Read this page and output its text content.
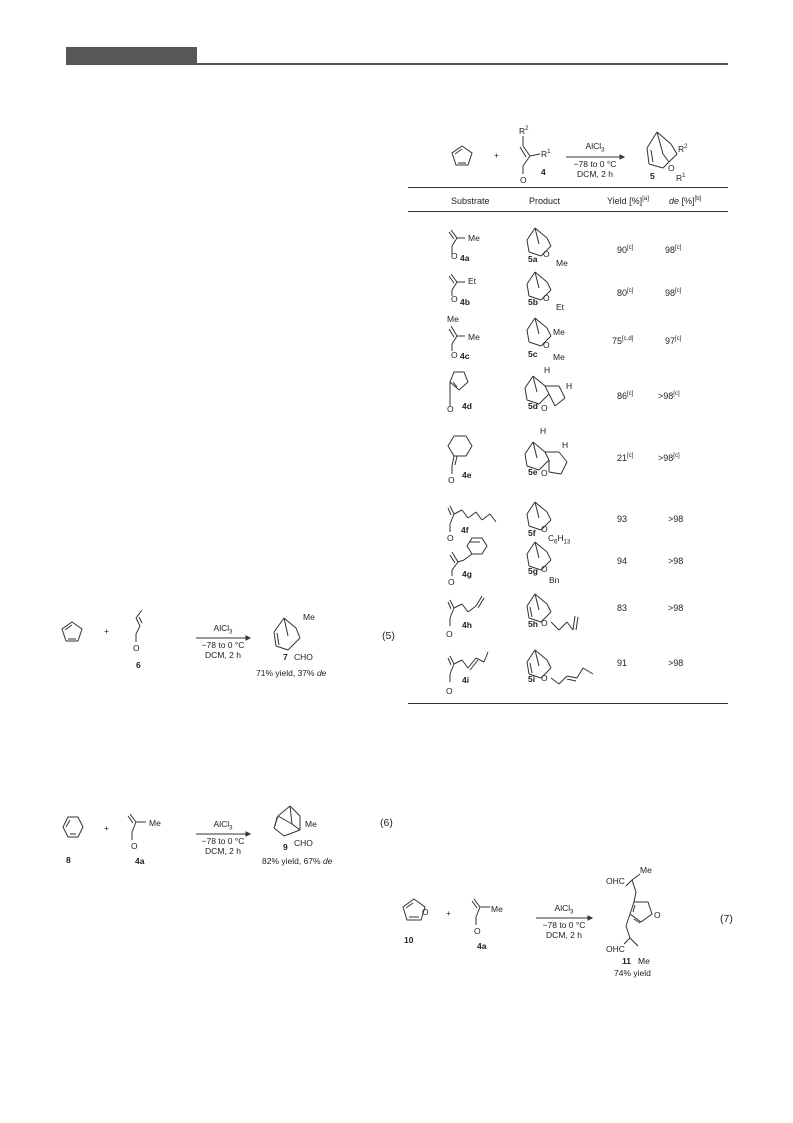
+
$R^2$
$R^1$
O
4
AlCl$_3$
−78 to 0 °C
DCM, 2 h
$R^2$
O
$R^1$
5
Substrate	Product	Yield [%][a] de [%][b]
Me
O 4a	O
Me
5a
90[c]	98[c]
Et
O 4b	O
Et
5b
80[c]	98[c]
Me
Me
O 4c
Me
O
Me
5c
75[c,d]	97[c]
O 4d
H
H
O
5d
86[c]	>98[c]
O 4e
H
H
O
5e
21[c]	>98[c]
O
4f	O
$C_6H_{13}$
5f
93	>98
O
4g	O
Bn
5g
94	>98
O
4h	O
5h
83	>98
O
4i	O
5i
91	>98
+
O
6
AlCl$_3$
−78 to 0 °C
DCM, 2 h
Me
7 CHO
71% yield, 37% de
(5)
8
+	Me
O
4a
AlCl$_3$
−78 to 0 °C
DCM, 2 h
Me
9 CHO
82% yield, 67% de
(6)
O
10
+	Me
O
4a
AlCl$_3$
−78 to 0 °C
DCM, 2 h
Me
OHC
O
OHC
11 Me
74% yield
(7)
